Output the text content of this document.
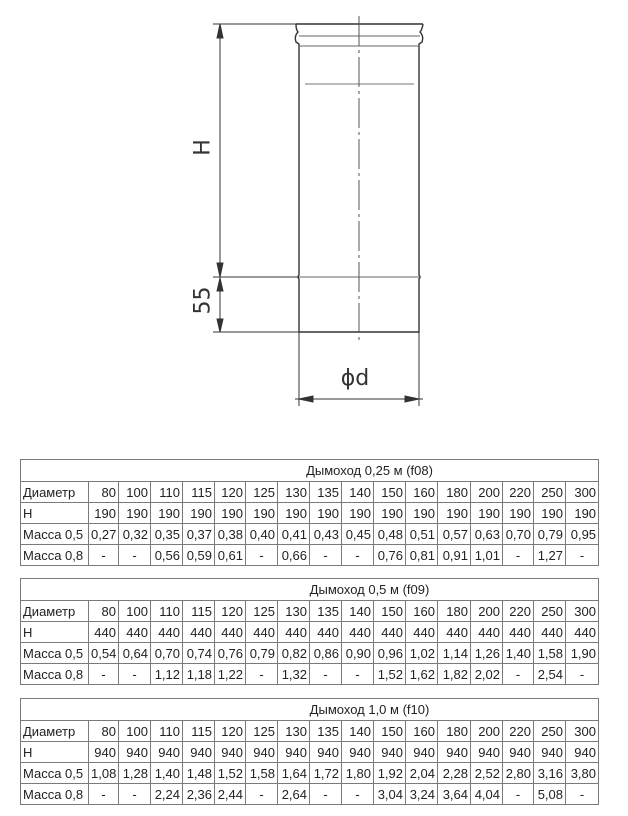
H
55
ϕd
Дымоход 0,25 м (f08)																
Диаметр	80	100	110	115	120	125	130	135	140	150	160	180	200	220	250	300
H	190	190	190	190	190	190	190	190	190	190	190	190	190	190	190	190
Масса 0,5	0,27	0,32	0,35	0,37	0,38	0,40	0,41	0,43	0,45	0,48	0,51	0,57	0,63	0,70	0,79	0,95
Масса 0,8	-	-	0,56	0,59	0,61	-	0,66	-	-	0,76	0,81	0,91	1,01	-	1,27	-
Дымоход 0,5 м (f09)																
Диаметр	80	100	110	115	120	125	130	135	140	150	160	180	200	220	250	300
H	440	440	440	440	440	440	440	440	440	440	440	440	440	440	440	440
Масса 0,5	0,54	0,64	0,70	0,74	0,76	0,79	0,82	0,86	0,90	0,96	1,02	1,14	1,26	1,40	1,58	1,90
Масса 0,8	-	-	1,12	1,18	1,22	-	1,32	-	-	1,52	1,62	1,82	2,02	-	2,54	-
Дымоход 1,0 м (f10)																
Диаметр	80	100	110	115	120	125	130	135	140	150	160	180	200	220	250	300
H	940	940	940	940	940	940	940	940	940	940	940	940	940	940	940	940
Масса 0,5	1,08	1,28	1,40	1,48	1,52	1,58	1,64	1,72	1,80	1,92	2,04	2,28	2,52	2,80	3,16	3,80
Масса 0,8	-	-	2,24	2,36	2,44	-	2,64	-	-	3,04	3,24	3,64	4,04	-	5,08	-
